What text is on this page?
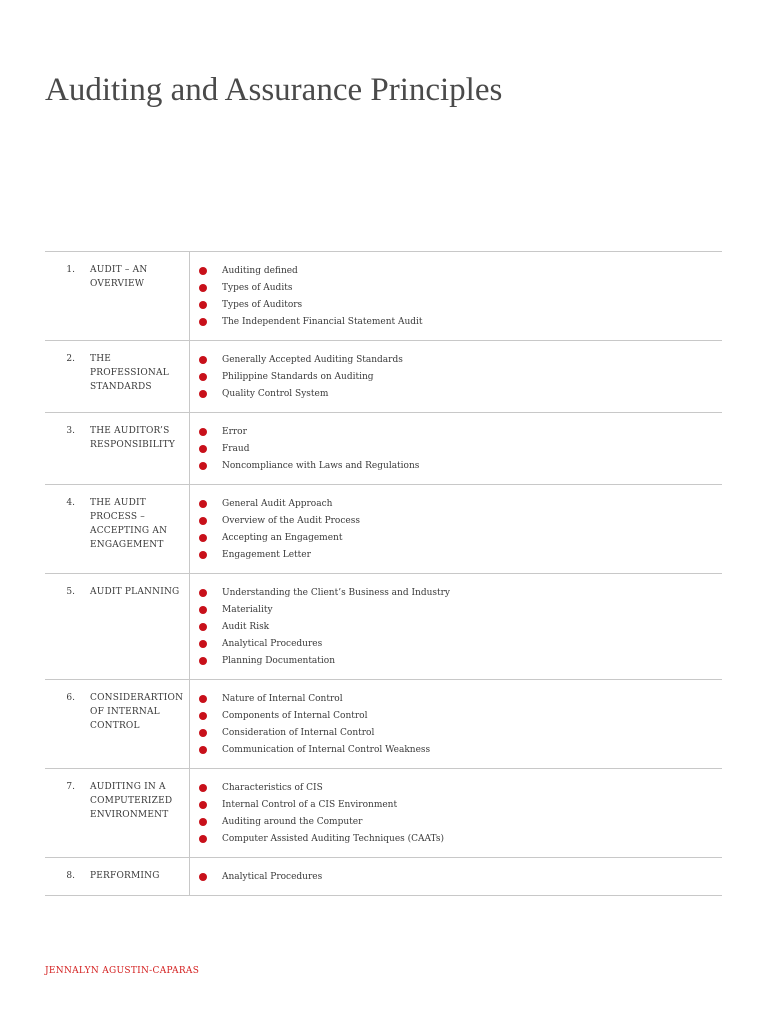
Auditing and Assurance Principles
1.	AUDIT – AN OVERVIEW
Auditing defined
Types of Audits
Types of Auditors
The Independent Financial Statement Audit
2.	THE PROFESSIONAL STANDARDS
Generally Accepted Auditing Standards
Philippine Standards on Auditing
Quality Control System
3.	THE AUDITOR’S RESPONSIBILITY
Error
Fraud
Noncompliance with Laws and Regulations
4.	THE AUDIT PROCESS – ACCEPTING AN ENGAGEMENT
General Audit Approach
Overview of the Audit Process
Accepting an Engagement
Engagement Letter
5.	AUDIT PLANNING	Understanding the Client’s Business and Industry
Materiality
Audit Risk
Analytical Procedures
Planning Documentation
6.	CONSIDERARTION OF INTERNAL CONTROL
Nature of Internal Control
Components of Internal Control
Consideration of Internal Control
Communication of Internal Control Weakness
7.	AUDITING IN A COMPUTERIZED ENVIRONMENT
Characteristics of CIS
Internal Control of a CIS Environment
Auditing around the Computer
Computer Assisted Auditing Techniques (CAATs)
8.	PERFORMING	Analytical Procedures
JENNALYN AGUSTIN-CAPARAS
